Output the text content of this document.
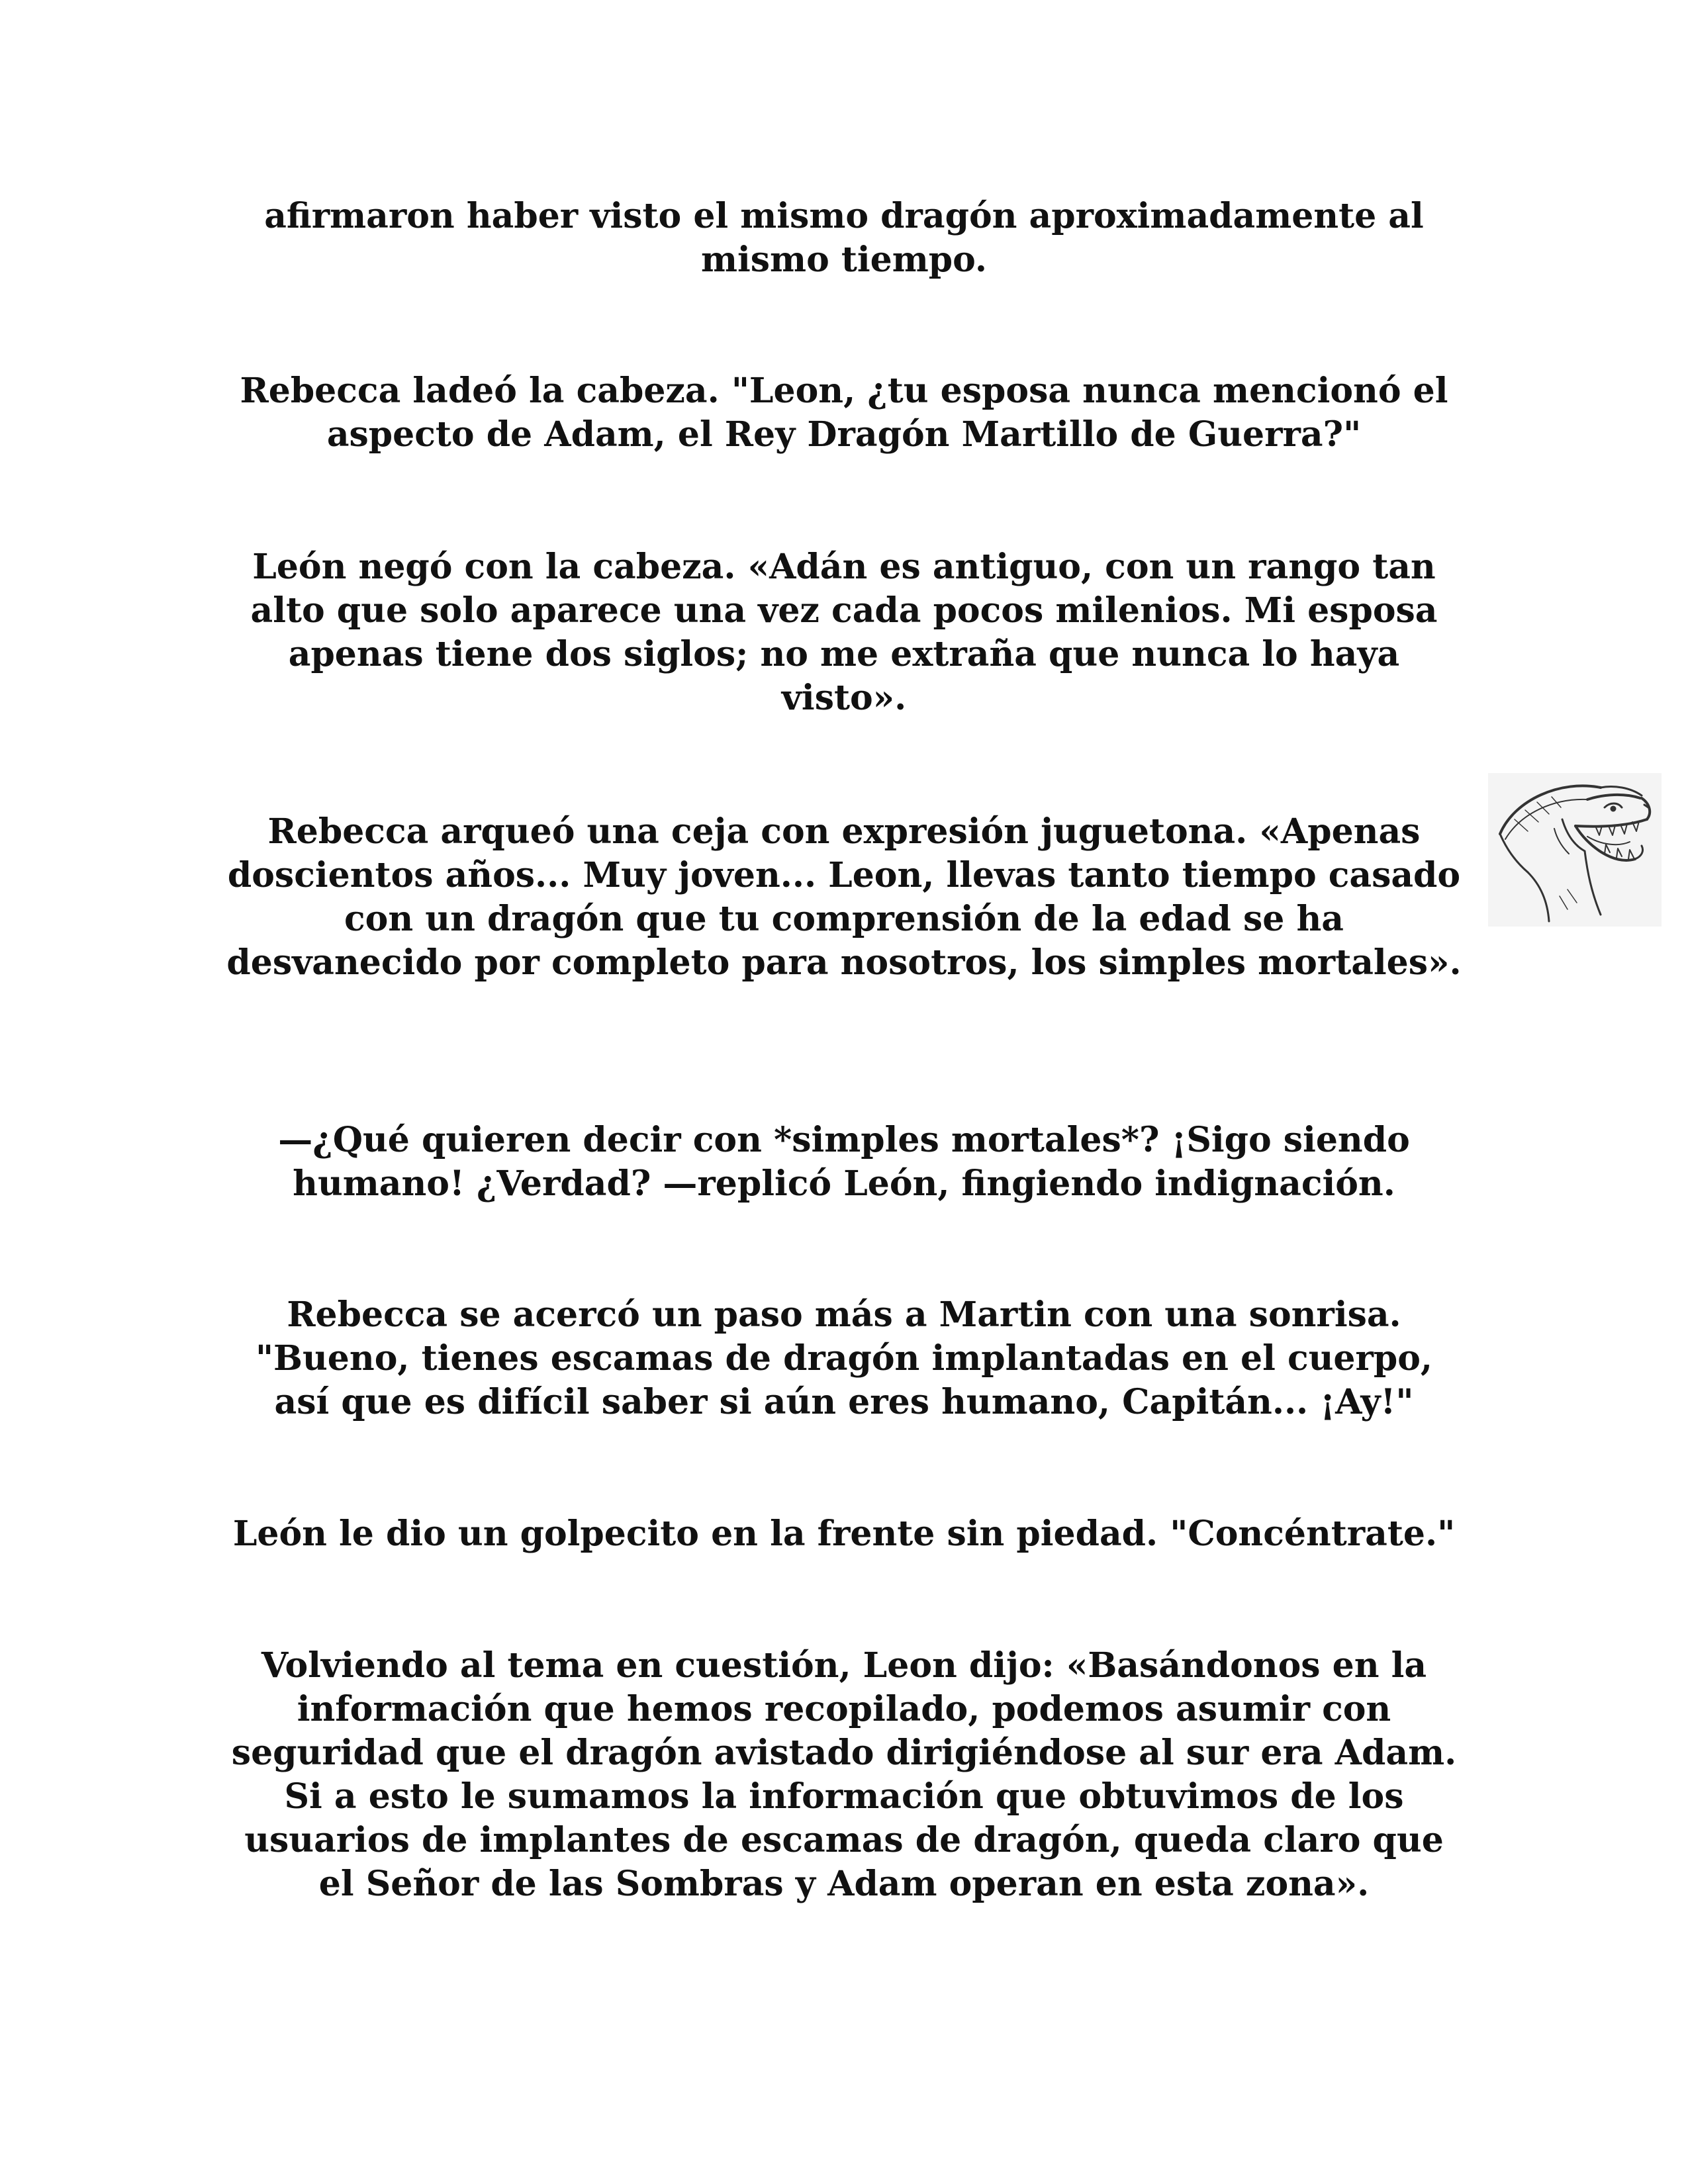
afirmaron haber visto el mismo dragón aproximadamente al mismo tiempo.

Rebecca ladeó la cabeza. "Leon, ¿tu esposa nunca mencionó el aspecto de Adam, el Rey Dragón Martillo de Guerra?"

León negó con la cabeza. «Adán es antiguo, con un rango tan alto que solo aparece una vez cada pocos milenios. Mi esposa apenas tiene dos siglos; no me extraña que nunca lo haya visto».

Rebecca arqueó una ceja con expresión juguetona. «Apenas doscientos años... Muy joven... Leon, llevas tanto tiempo casado con un dragón que tu comprensión de la edad se ha desvanecido por completo para nosotros, los simples mortales».

—¿Qué quieren decir con *simples mortales*? ¡Sigo siendo humano! ¿Verdad? —replicó León, fingiendo indignación.

Rebecca se acercó un paso más a Martin con una sonrisa. "Bueno, tienes escamas de dragón implantadas en el cuerpo, así que es difícil saber si aún eres humano, Capitán... ¡Ay!"

León le dio un golpecito en la frente sin piedad. "Concéntrate."

Volviendo al tema en cuestión, Leon dijo: «Basándonos en la información que hemos recopilado, podemos asumir con seguridad que el dragón avistado dirigiéndose al sur era Adam. Si a esto le sumamos la información que obtuvimos de los usuarios de implantes de escamas de dragón, queda claro que el Señor de las Sombras y Adam operan en esta zona».
